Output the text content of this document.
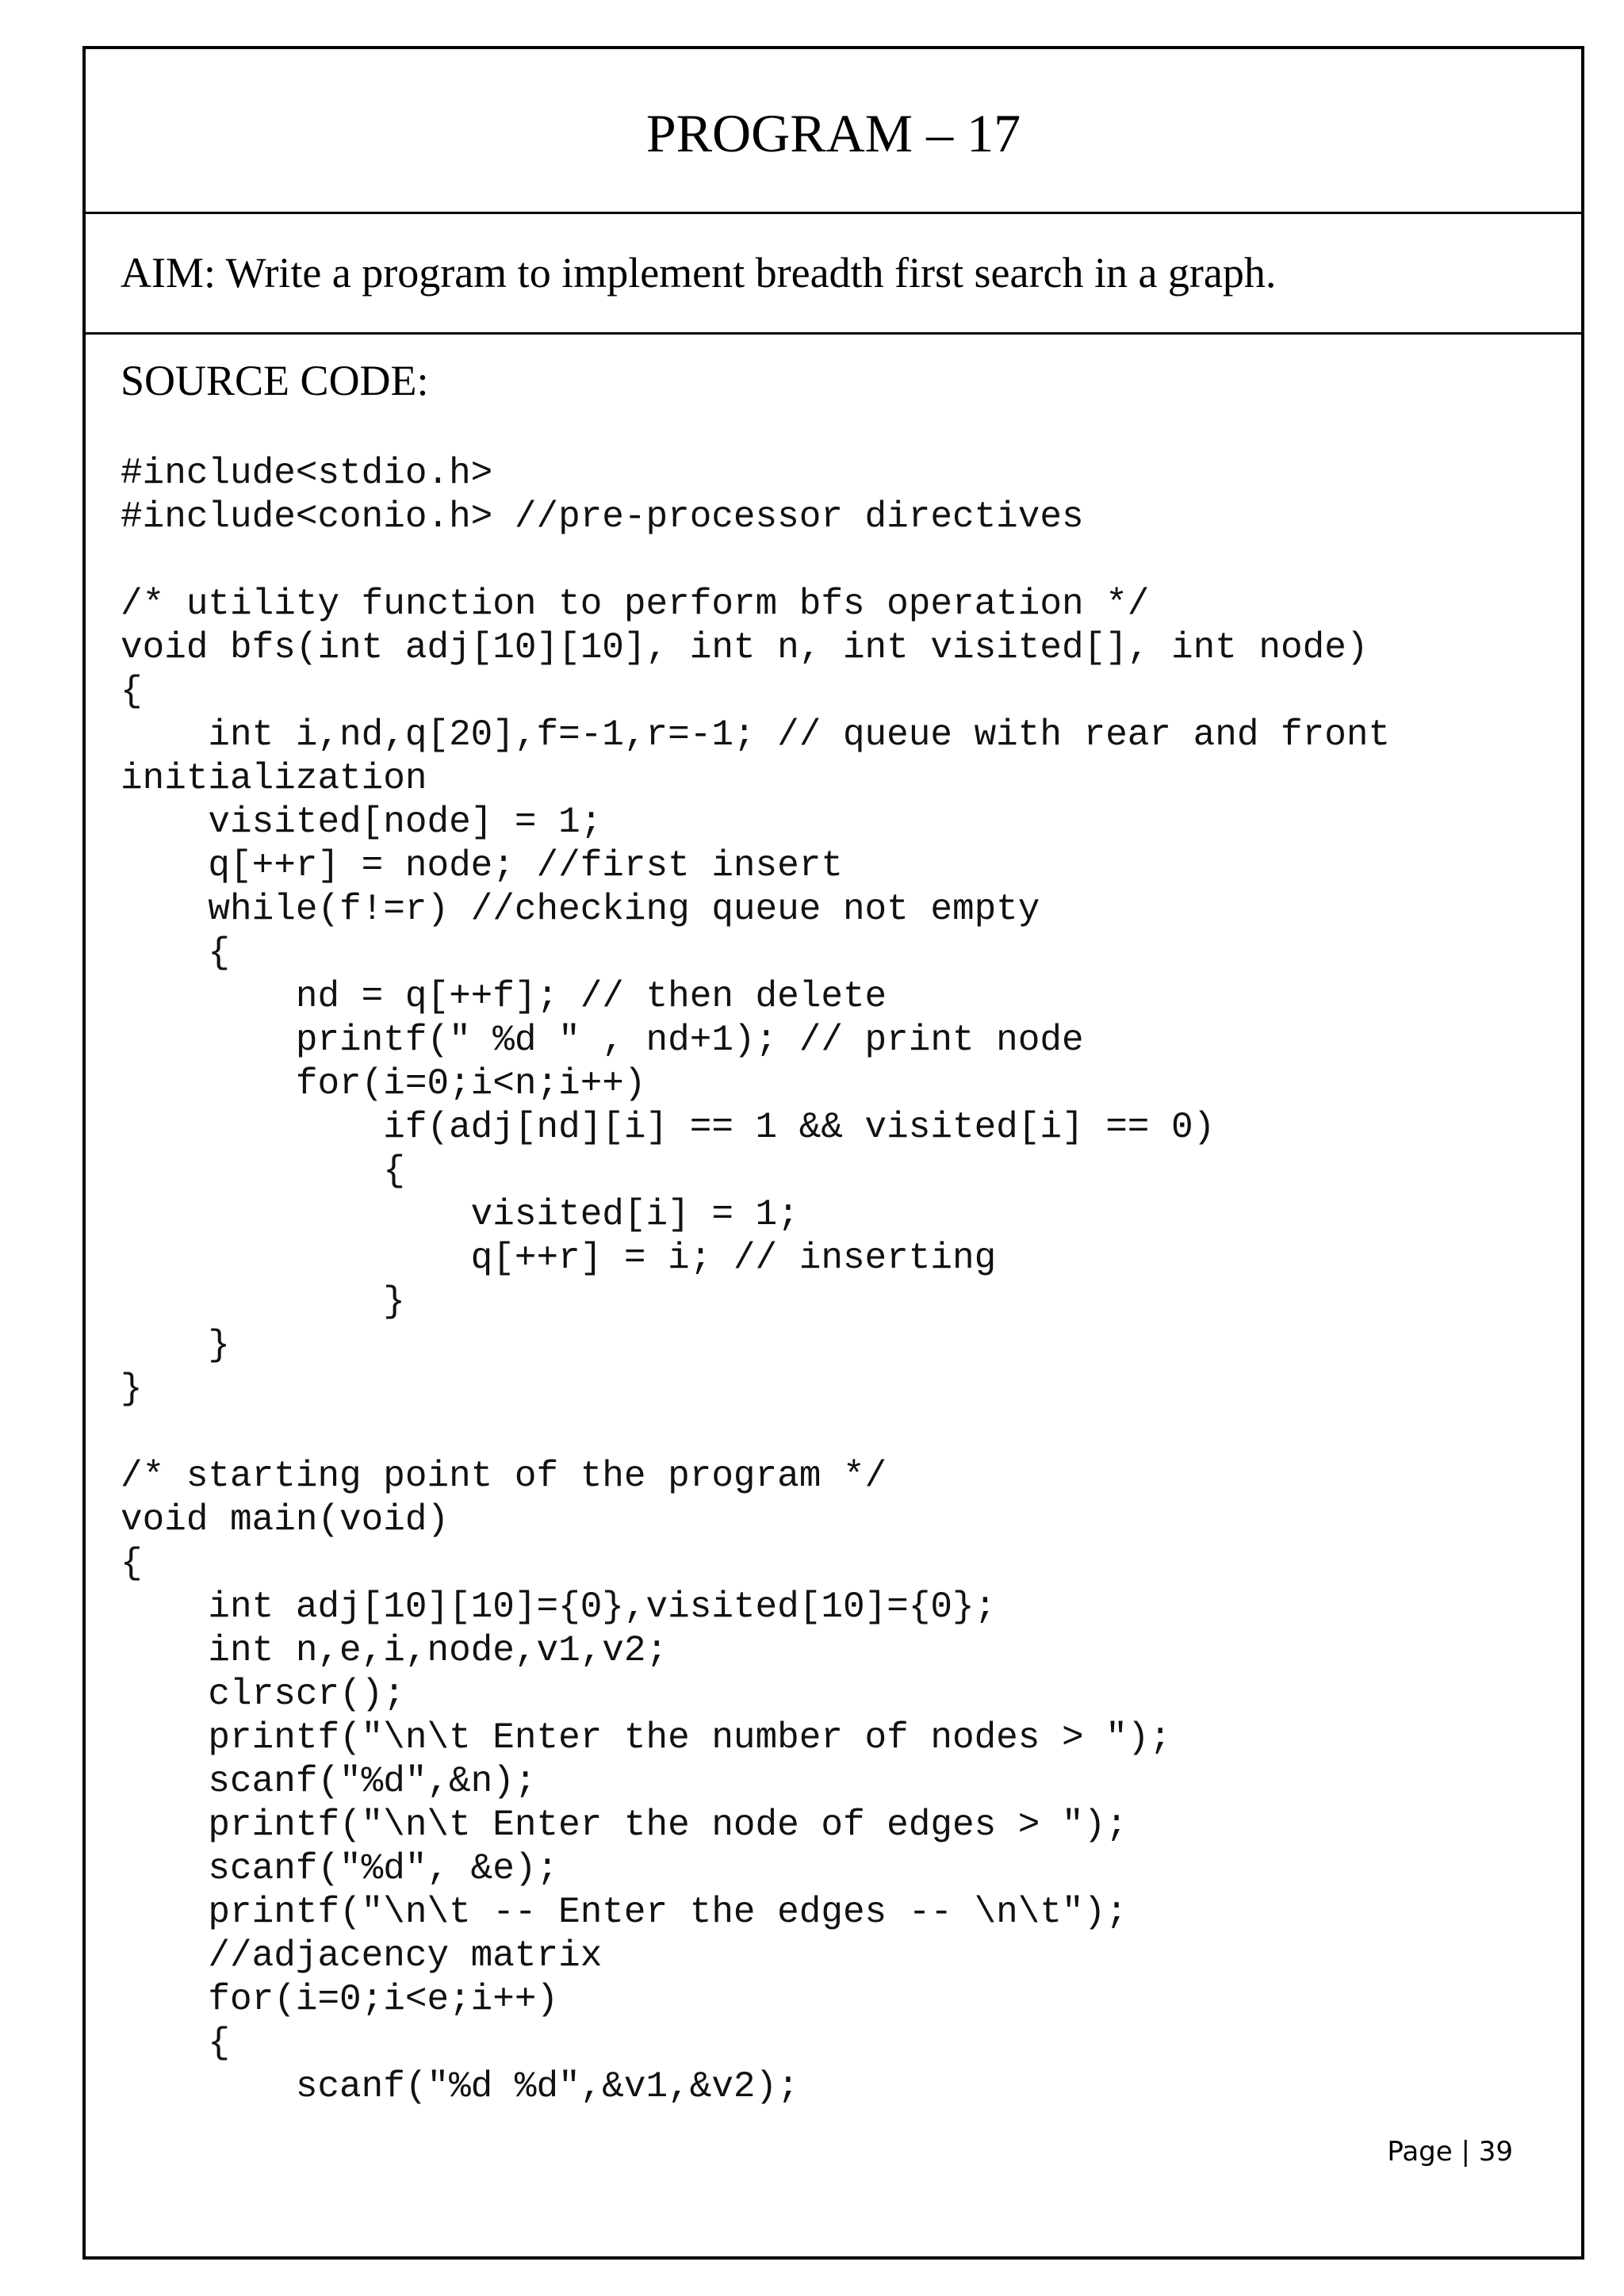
PROGRAM – 17
AIM: Write a program to implement breadth first search in a graph.
SOURCE CODE:
#include<stdio.h>
#include<conio.h> //pre-processor directives

/* utility function to perform bfs operation */
void bfs(int adj[10][10], int n, int visited[], int node)
{
int i,nd,q[20],f=-1,r=-1; // queue with rear and front
initialization
visited[node] = 1;
q[++r] = node; //first insert
while(f!=r) //checking queue not empty
{
nd = q[++f]; // then delete
printf(" %d " , nd+1); // print node
for(i=0;i<n;i++)
if(adj[nd][i] == 1 && visited[i] == 0)
{
visited[i] = 1;
q[++r] = i; // inserting
}
}
}

/* starting point of the program */
void main(void)
{
int adj[10][10]={0},visited[10]={0};
int n,e,i,node,v1,v2;
clrscr();
printf("\n\t Enter the number of nodes > ");
scanf("%d",&n);
printf("\n\t Enter the node of edges > ");
scanf("%d", &e);
printf("\n\t -- Enter the edges -- \n\t");
//adjacency matrix
for(i=0;i<e;i++)
{
scanf("%d %d",&v1,&v2);
Page | 39
